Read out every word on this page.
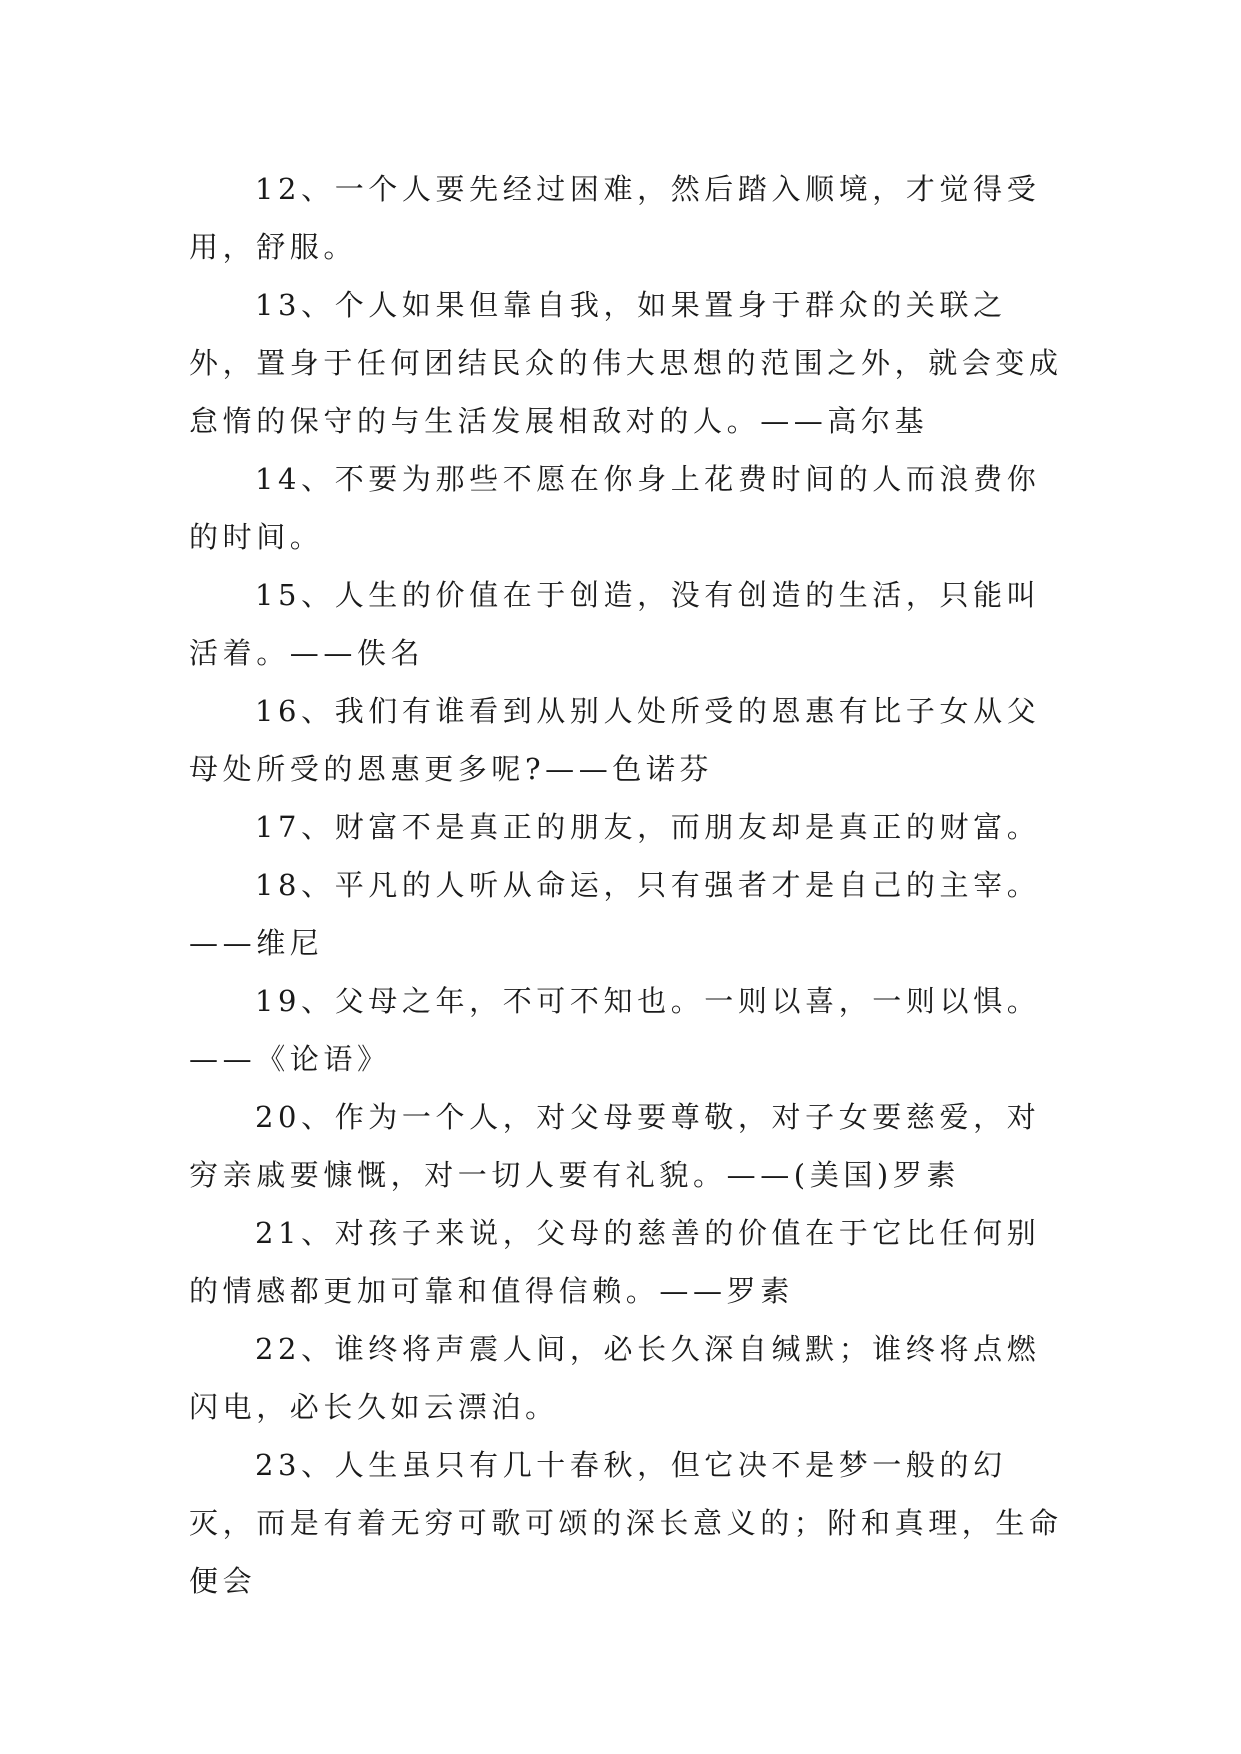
12、一个人要先经过困难，然后踏入顺境，才觉得受用，舒服。

13、个人如果但靠自我，如果置身于群众的关联之外，置身于任何团结民众的伟大思想的范围之外，就会变成怠惰的保守的与生活发展相敌对的人。——高尔基

14、不要为那些不愿在你身上花费时间的人而浪费你的时间。

15、人生的价值在于创造，没有创造的生活，只能叫活着。——佚名

16、我们有谁看到从别人处所受的恩惠有比子女从父母处所受的恩惠更多呢?——色诺芬

17、财富不是真正的朋友，而朋友却是真正的财富。

18、平凡的人听从命运，只有强者才是自己的主宰。——维尼

19、父母之年，不可不知也。一则以喜，一则以惧。——《论语》

20、作为一个人，对父母要尊敬，对子女要慈爱，对穷亲戚要慷慨，对一切人要有礼貌。——(美国)罗素

21、对孩子来说，父母的慈善的价值在于它比任何别的情感都更加可靠和值得信赖。——罗素

22、谁终将声震人间，必长久深自缄默；谁终将点燃闪电，必长久如云漂泊。

23、人生虽只有几十春秋，但它决不是梦一般的幻灭，而是有着无穷可歌可颂的深长意义的；附和真理，生命便会
